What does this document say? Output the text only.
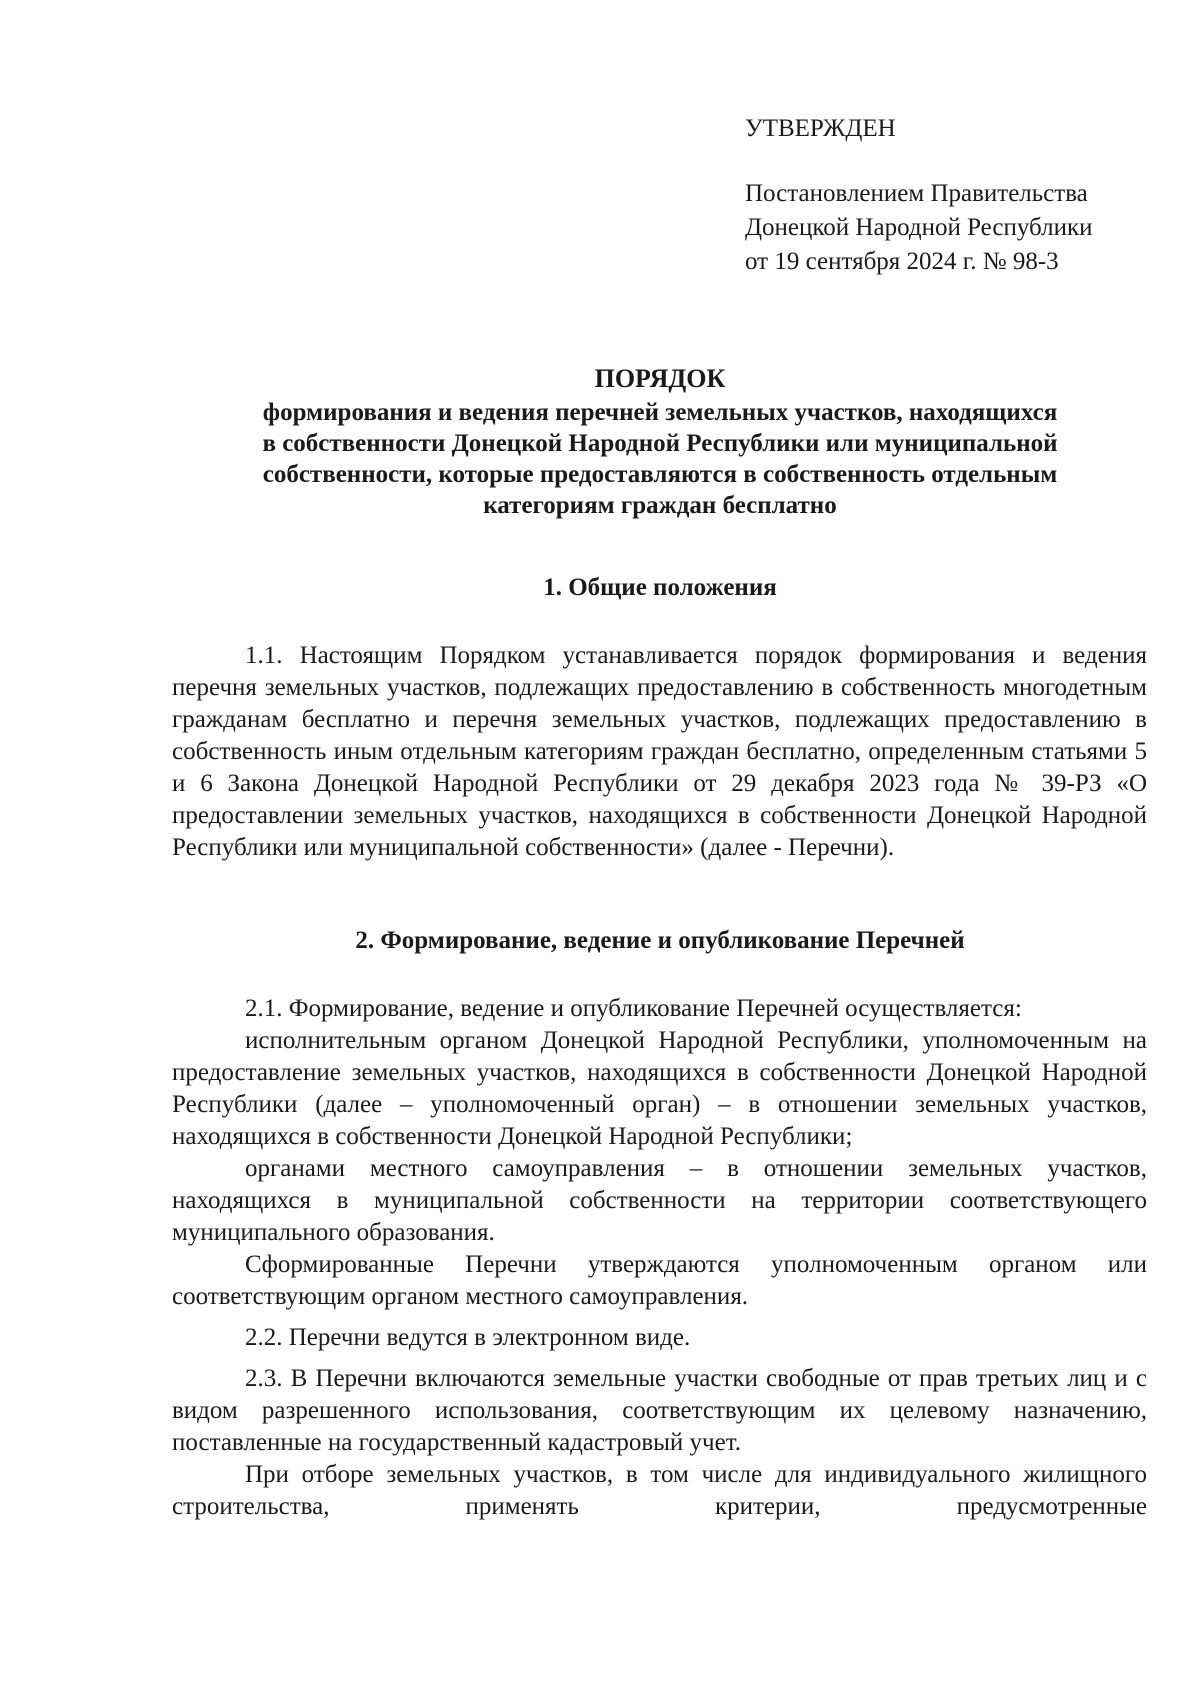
УТВЕРЖДЕН
Постановлением Правительства
Донецкой Народной Республики
от 19 сентября 2024 г. № 98-3
ПОРЯДОК
формирования и ведения перечней земельных участков, находящихся
в собственности Донецкой Народной Республики или муниципальной
собственности, которые предоставляются в собственность отдельным
категориям граждан бесплатно
1. Общие положения

1.1. Настоящим Порядком устанавливается порядок формирования и ведения перечня земельных участков, подлежащих предоставлению в собственность многодетным гражданам бесплатно и перечня земельных участков, подлежащих предоставлению в собственность иным отдельным категориям граждан бесплатно, определенным статьями 5 и 6 Закона Донецкой Народной Республики от 29 декабря 2023 года № 39-РЗ «О предоставлении земельных участков, находящихся в собственности Донецкой Народной Республики или муниципальной собственности» (далее - Перечни).

2. Формирование, ведение и опубликование Перечней

2.1. Формирование, ведение и опубликование Перечней осуществляется:

исполнительным органом Донецкой Народной Республики, уполномоченным на предоставление земельных участков, находящихся в собственности Донецкой Народной Республики (далее – уполномоченный орган) – в отношении земельных участков, находящихся в собственности Донецкой Народной Республики;

органами местного самоуправления – в отношении земельных участков, находящихся в муниципальной собственности на территории соответствующего муниципального образования.

Сформированные Перечни утверждаются уполномоченным органом или соответствующим органом местного самоуправления.

2.2. Перечни ведутся в электронном виде.

2.3. В Перечни включаются земельные участки свободные от прав третьих лиц и с видом разрешенного использования, соответствующим их целевому назначению, поставленные на государственный кадастровый учет.

При отборе земельных участков, в том числе для индивидуального жилищного строительства, применять критерии, предусмотренные
